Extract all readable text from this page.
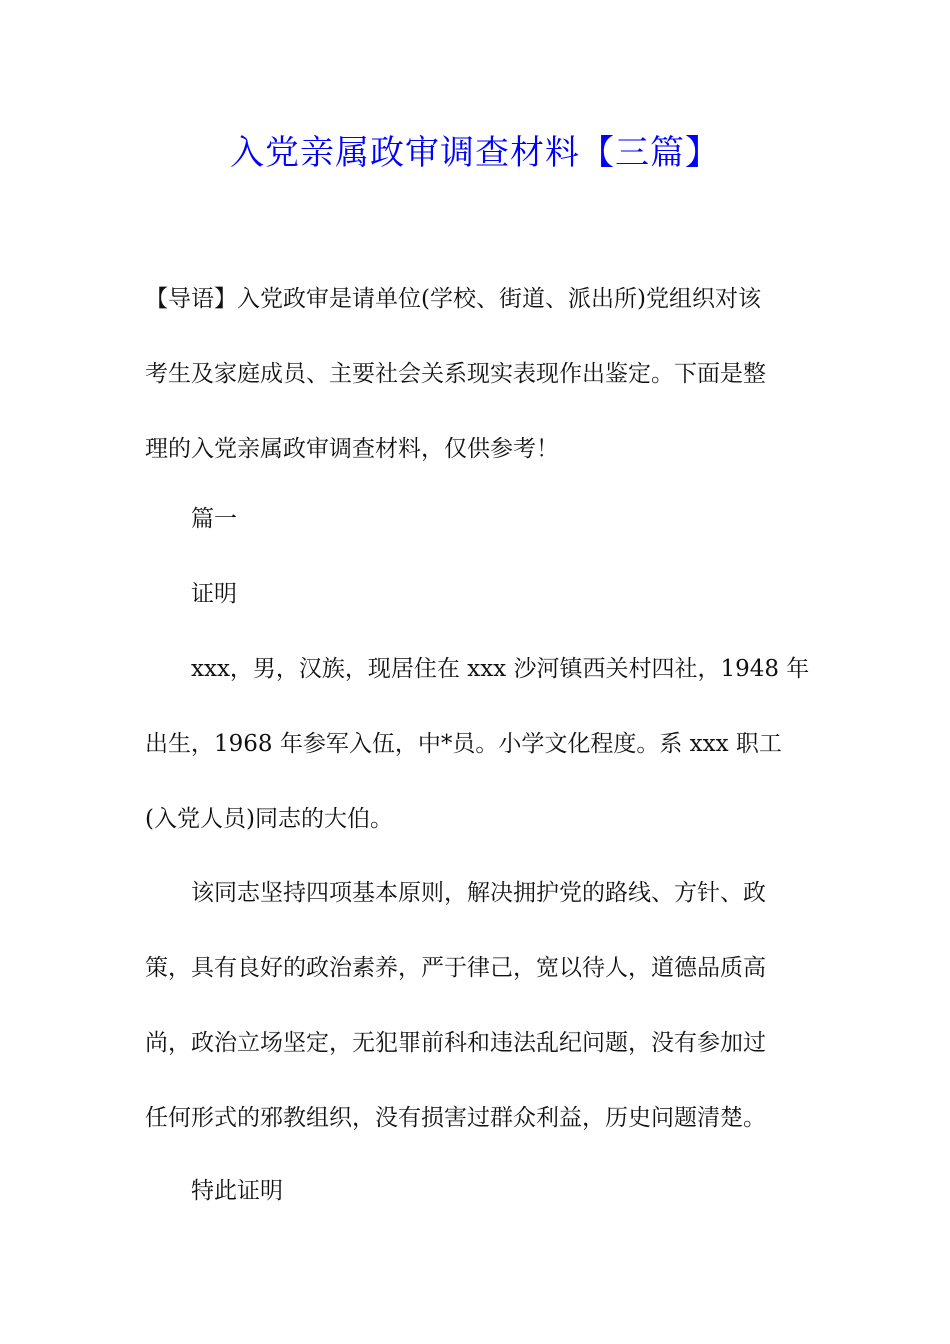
入党亲属政审调查材料【三篇】
【导语】入党政审是请单位(学校、街道、派出所)党组织对该
考生及家庭成员、主要社会关系现实表现作出鉴定。下面是整
理的入党亲属政审调查材料，仅供参考！
篇一
证明
xxx，男，汉族，现居住在 xxx 沙河镇西关村四社，1948 年
出生，1968 年参军入伍，中*员。小学文化程度。系 xxx 职工
(入党人员)同志的大伯。
该同志坚持四项基本原则，解决拥护党的路线、方针、政
策，具有良好的政治素养，严于律己，宽以待人，道德品质高
尚，政治立场坚定，无犯罪前科和违法乱纪问题，没有参加过
任何形式的邪教组织，没有损害过群众利益，历史问题清楚。
特此证明
